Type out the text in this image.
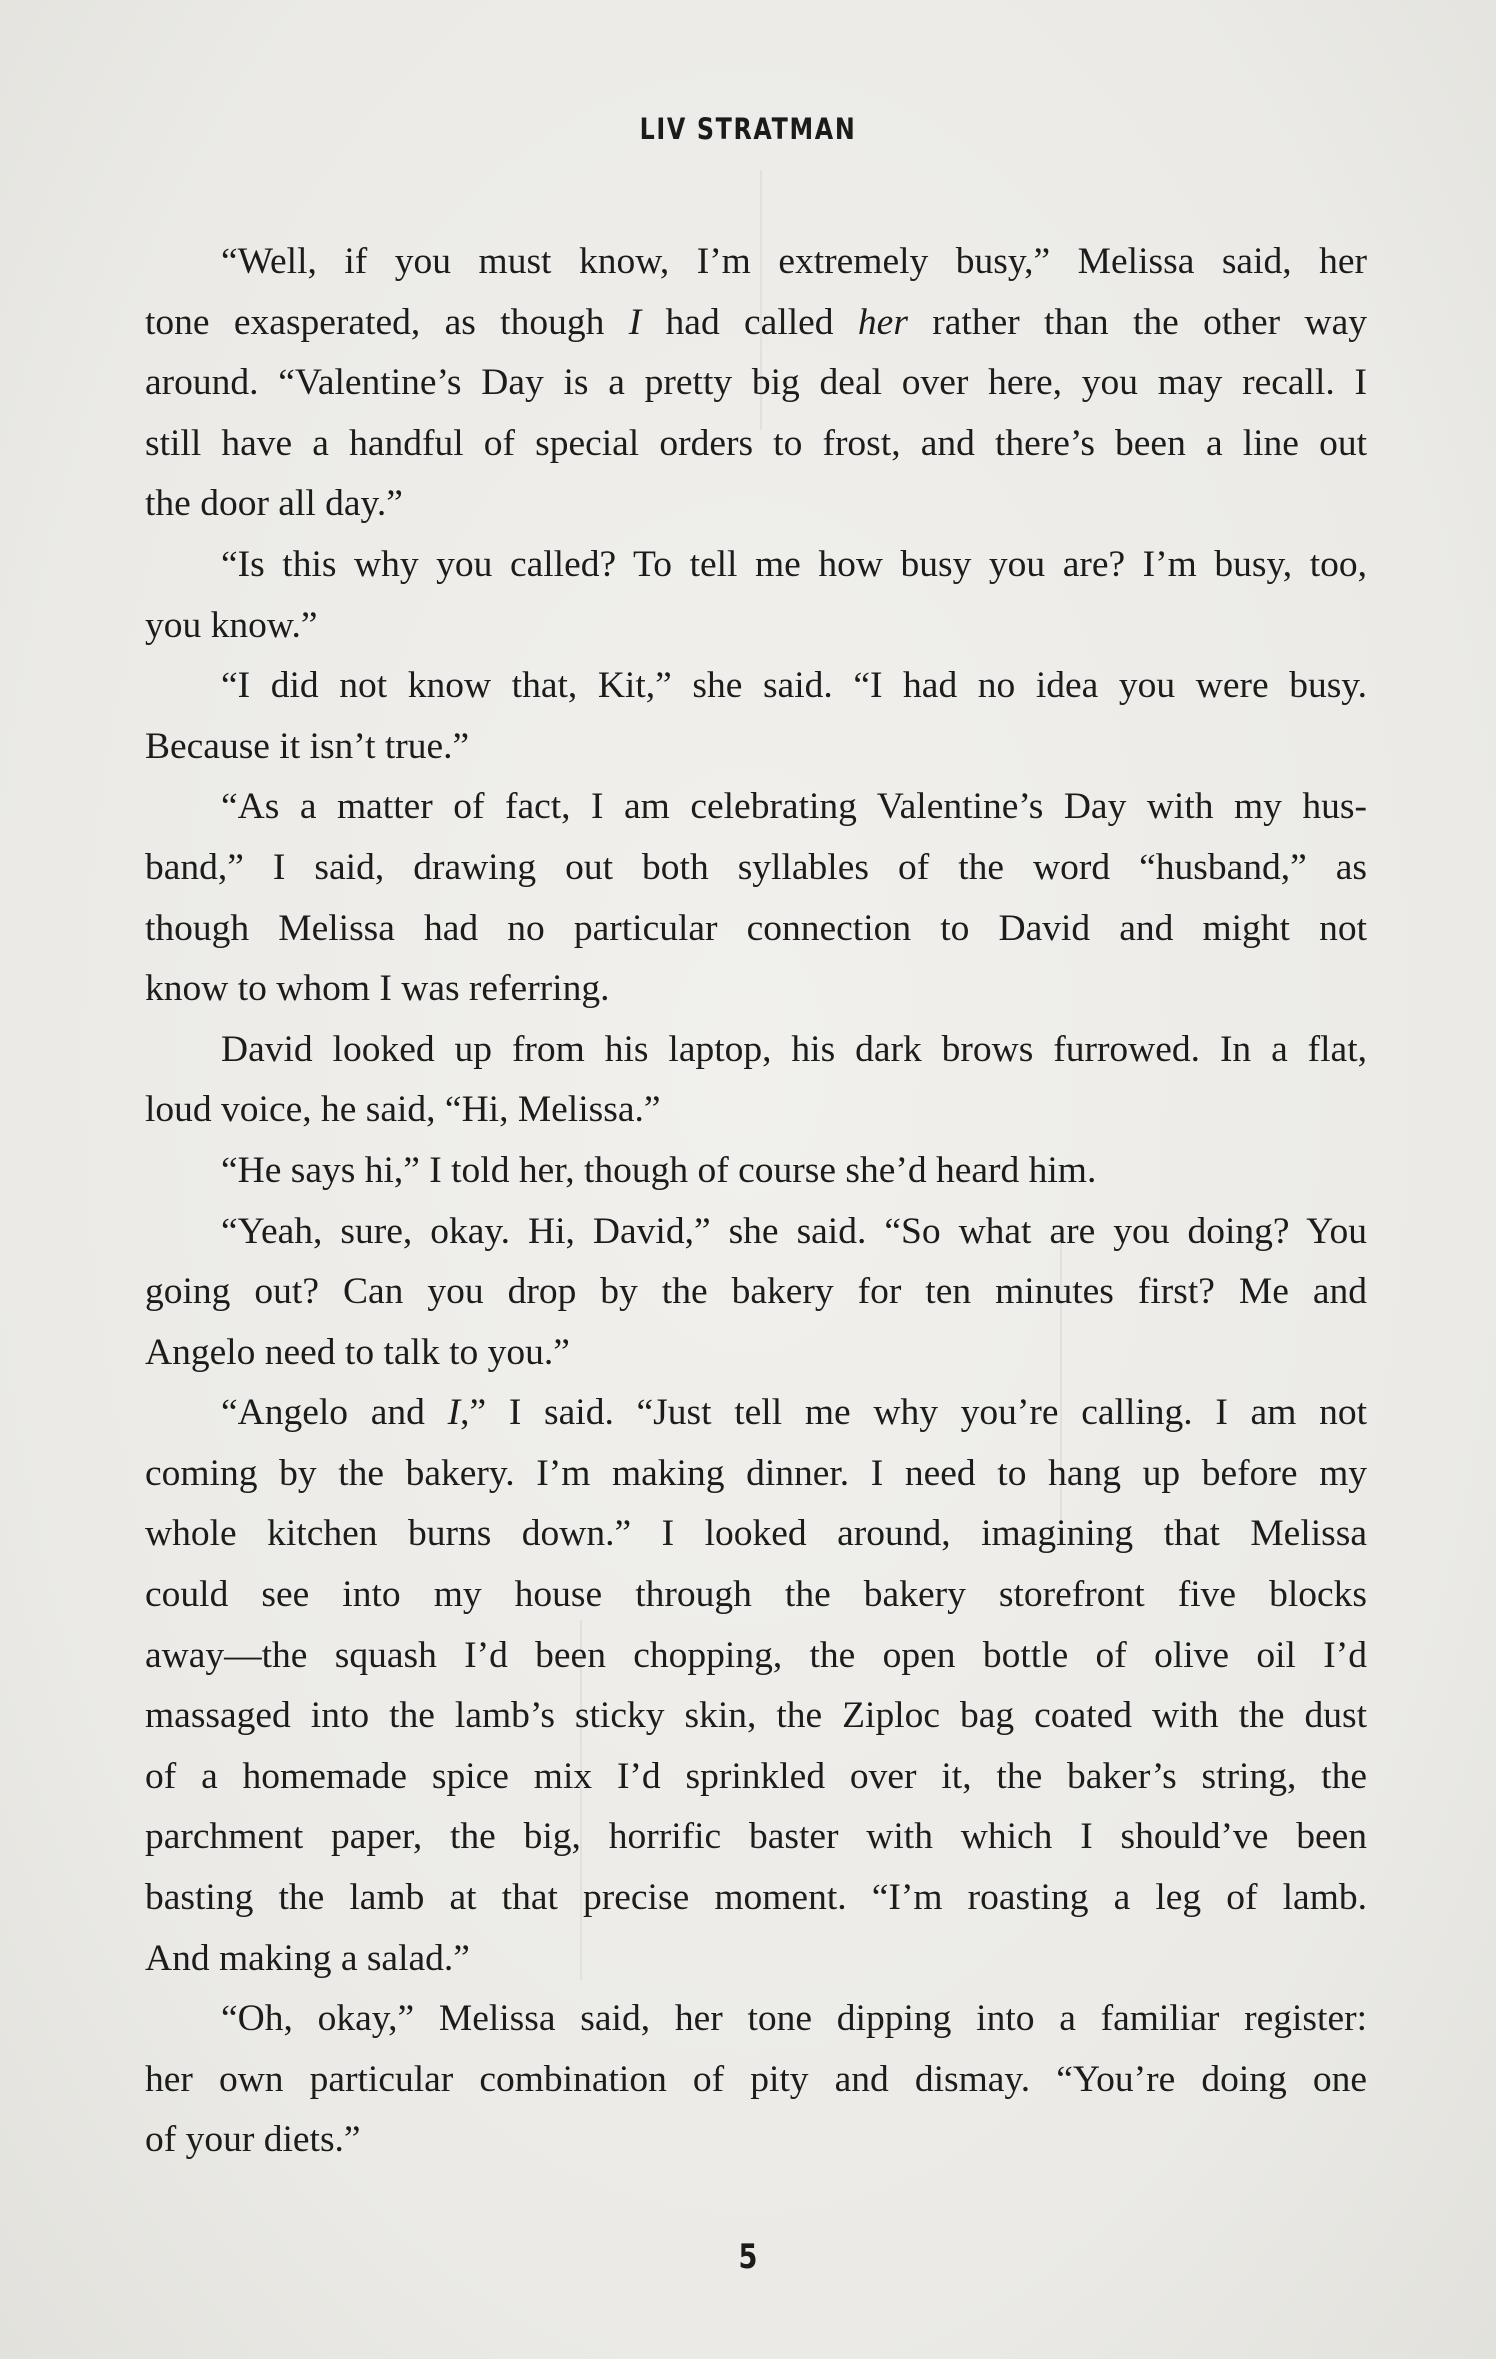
LIV STRATMAN

“Well, if you must know, I’m extremely busy,” Melissa said, her
tone exasperated, as though I had called her rather than the other way
around. “Valentine’s Day is a pretty big deal over here, you may recall. I
still have a handful of special orders to frost, and there’s been a line out
the door all day.”

“Is this why you called? To tell me how busy you are? I’m busy, too,
you know.”

“I did not know that, Kit,” she said. “I had no idea you were busy.
Because it isn’t true.”

“As a matter of fact, I am celebrating Valentine’s Day with my hus-
band,” I said, drawing out both syllables of the word “husband,” as
though Melissa had no particular connection to David and might not
know to whom I was referring.

David looked up from his laptop, his dark brows furrowed. In a flat,
loud voice, he said, “Hi, Melissa.”

“He says hi,” I told her, though of course she’d heard him.

“Yeah, sure, okay. Hi, David,” she said. “So what are you doing? You
going out? Can you drop by the bakery for ten minutes first? Me and
Angelo need to talk to you.”

“Angelo and I,” I said. “Just tell me why you’re calling. I am not
coming by the bakery. I’m making dinner. I need to hang up before my
whole kitchen burns down.” I looked around, imagining that Melissa
could see into my house through the bakery storefront five blocks
away—the squash I’d been chopping, the open bottle of olive oil I’d
massaged into the lamb’s sticky skin, the Ziploc bag coated with the dust
of a homemade spice mix I’d sprinkled over it, the baker’s string, the
parchment paper, the big, horrific baster with which I should’ve been
basting the lamb at that precise moment. “I’m roasting a leg of lamb.
And making a salad.”

“Oh, okay,” Melissa said, her tone dipping into a familiar register:
her own particular combination of pity and dismay. “You’re doing one
of your diets.”

5
